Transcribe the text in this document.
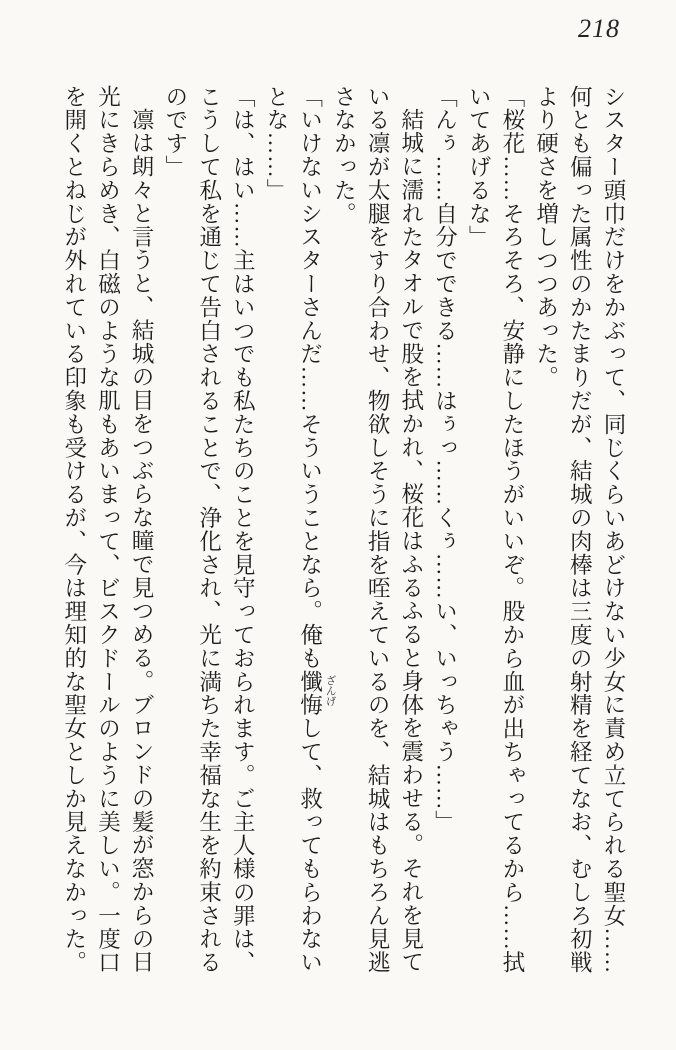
218

シスター頭巾だけをかぶって、同じくらいあどけない少女に責め立てられる聖女……

何とも偏った属性のかたまりだが、結城の肉棒は三度の射精を経てなお、むしろ初戦

より硬さを増しつつあった。

「桜花……そろそろ、安静にしたほうがいいぞ。股から血が出ちゃってるから……拭

いてあげるな」

「んぅ……自分でできる……はぅっ……くぅ……い、いっちゃう……」

結城に濡れたタオルで股を拭かれ、桜花はふるふると身体を震わせる。それを見て

いる凛が太腿をすり合わせ、物欲しそうに指を咥えているのを、結城はもちろん見逃

さなかった。

「いけないシスターさんだ……そういうことなら。俺も懺悔 ざんげ
して、救ってもらわない

とな……」

「は、はい……主はいつでも私たちのことを見守っておられます。ご主人様の罪は、

こうして私を通じて告白されることで、浄化され、光に満ちた幸福な生を約束される

のです」

凛は朗々と言うと、結城の目をつぶらな瞳で見つめる。ブロンドの髪が窓からの日

光にきらめき、白磁のような肌もあいまって、ビスクドールのように美しい。一度口

を開くとねじが外れている印象も受けるが、今は理知的な聖女としか見えなかった。
